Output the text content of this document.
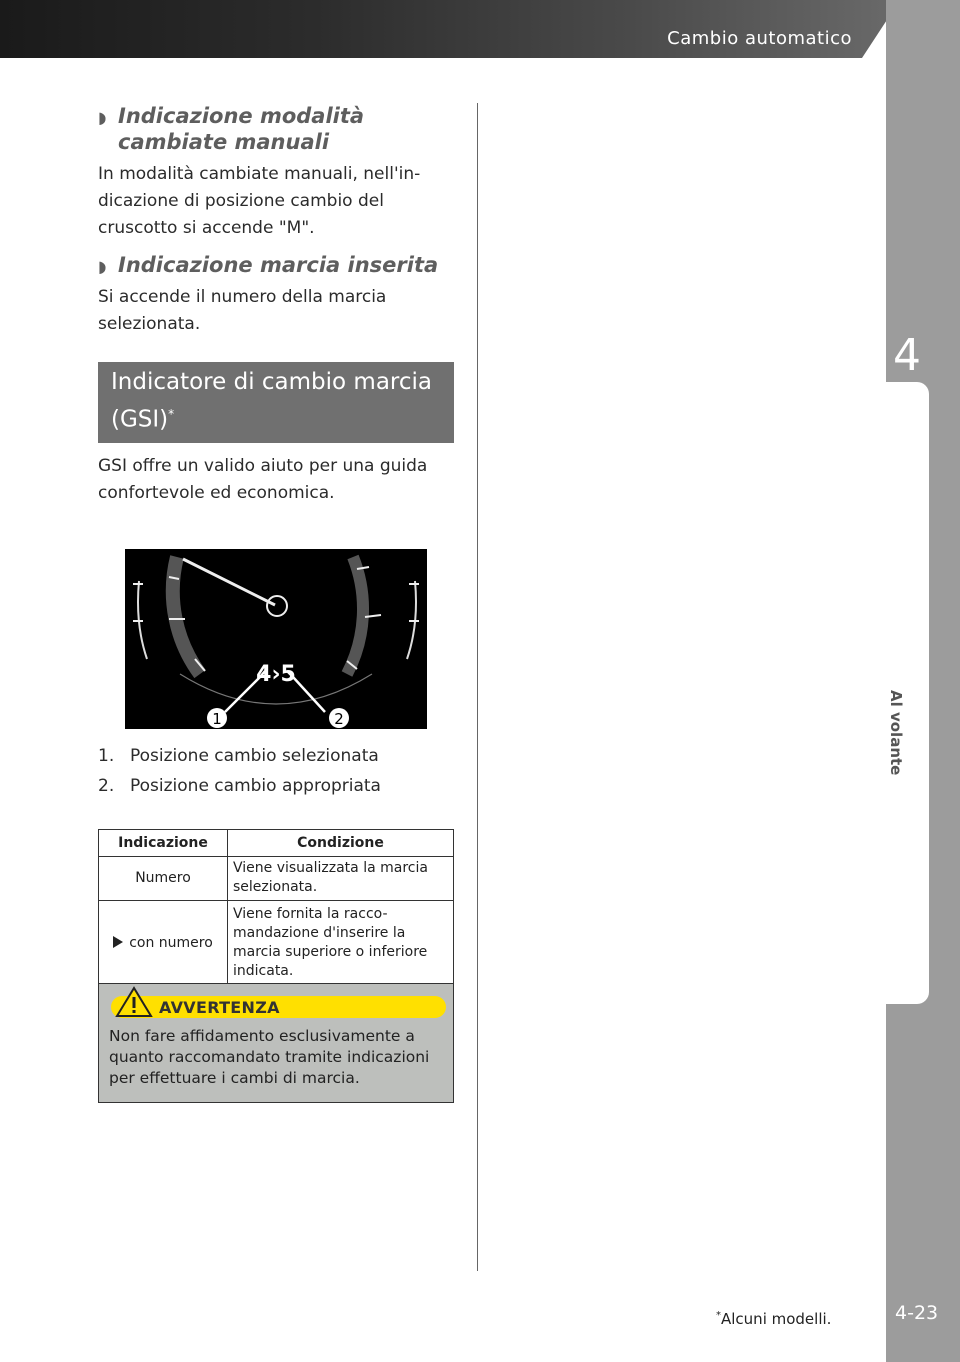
Cambio automatico
4
Al volante
4-23
◗ Indicazione modalità cambiate manuali

In modalità cambiate manuali, nell'in-dicazione di posizione cambio del cruscotto si accende "M".

◗ Indicazione marcia inserita

Si accende il numero della marcia selezionata.

Indicatore di cambio marcia (GSI)*

GSI offre un valido aiuto per una guida confortevole ed economica.

4›5
1	2
1. Posizione cambio selezionata
2. Posizione cambio appropriata
Indicazione	Condizione
Numero	Viene visualizzata la marcia selezionata.
con numero	Viene fornita la racco-mandazione d'inserire la marcia superiore o inferiore indicata.
AVVERTENZA
Non fare affidamento esclusivamente a quanto raccomandato tramite indicazioni per effettuare i cambi di marcia.
*Alcuni modelli.
